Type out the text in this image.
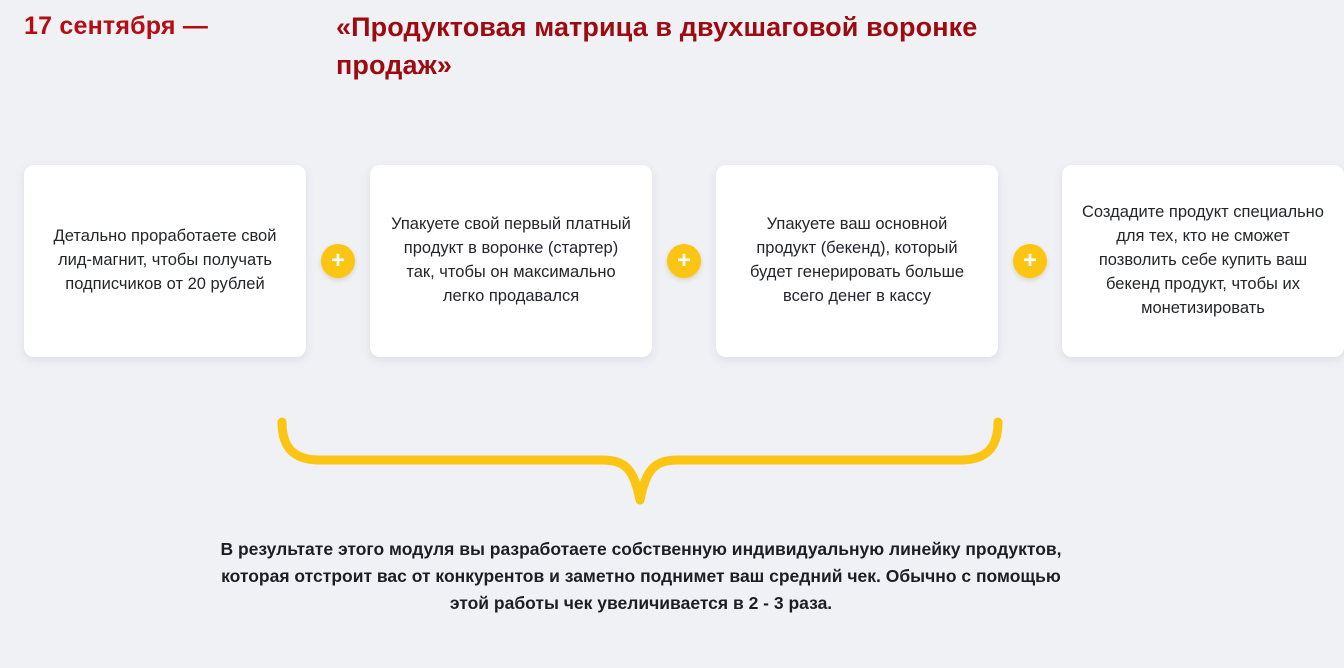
17 сентября —	«Продуктовая матрица в двухшаговой воронке продаж»
Детально проработаете свой лид-магнит, чтобы получать подписчиков от 20 рублей
+
Упакуете свой первый платный продукт в воронке (стартер) так, чтобы он максимально легко продавался
+
Упакуете ваш основной продукт (бекенд), который будет генерировать больше всего денег в кассу
+
Создадите продукт специально для тех, кто не сможет позволить себе купить ваш бекенд продукт, чтобы их монетизировать
В результате этого модуля вы разработаете собственную индивидуальную линейку продуктов, которая отстроит вас от конкурентов и заметно поднимет ваш средний чек. Обычно с помощью этой работы чек увеличивается в 2 - 3 раза.
